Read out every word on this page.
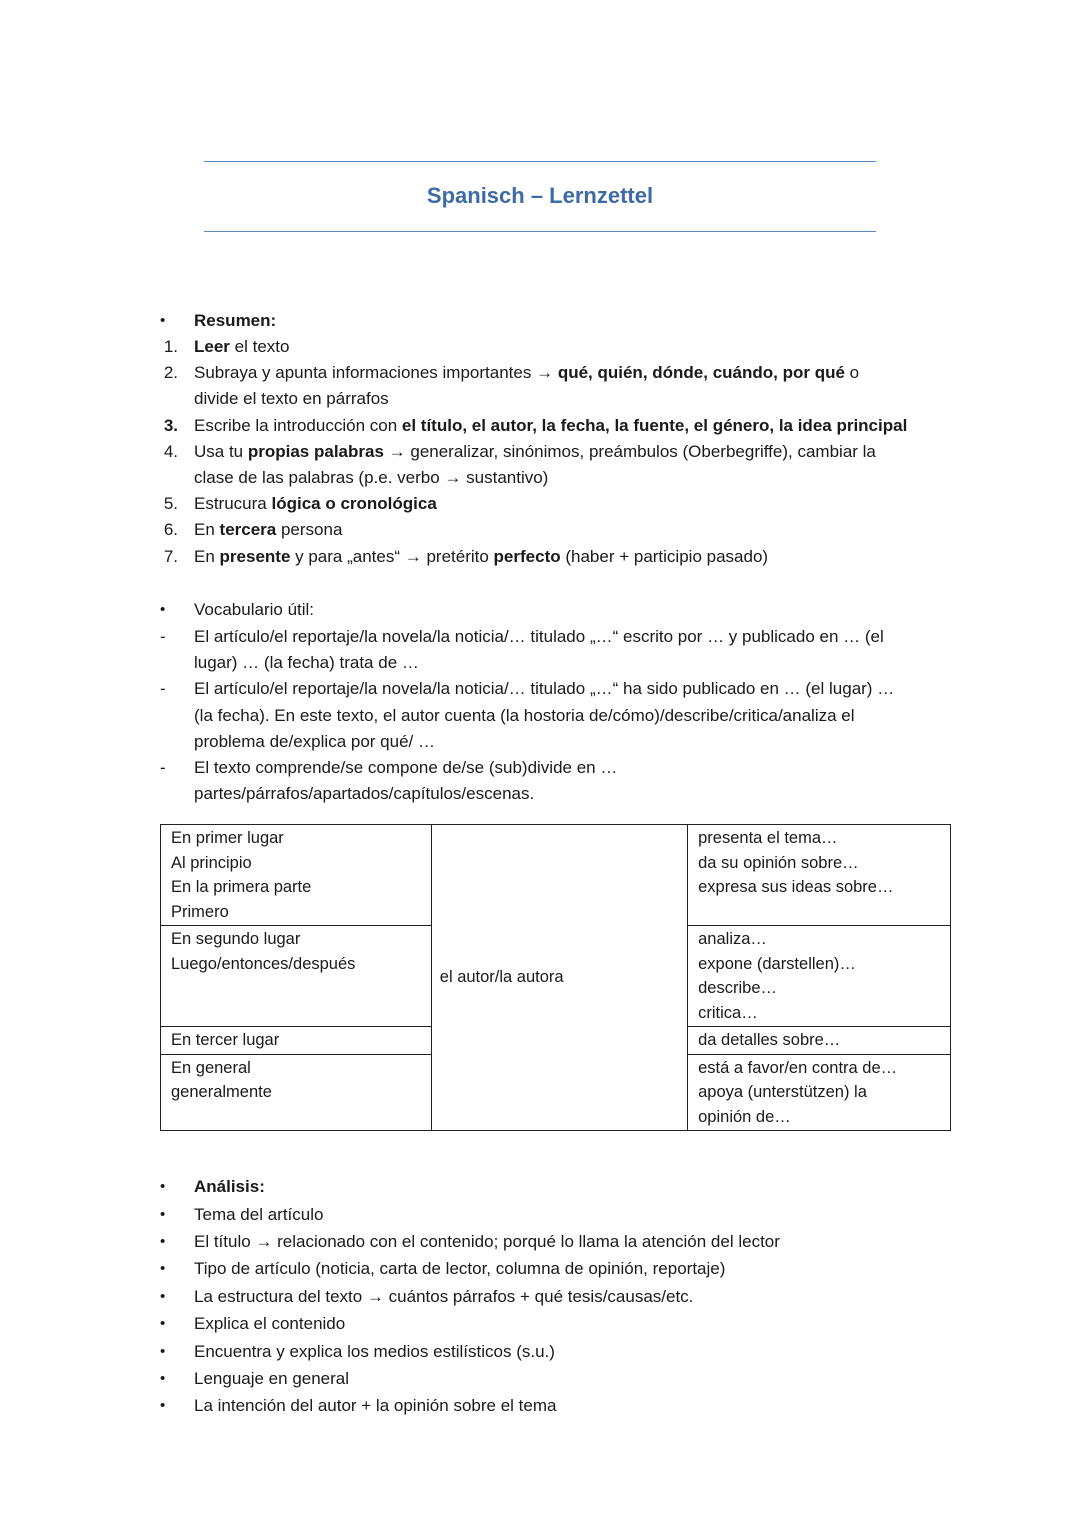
Spanisch – Lernzettel
• Resumen:
1. Leer el texto
2. Subraya y apunta informaciones importantes → qué, quién, dónde, cuándo, por qué o
divide el texto en párrafos
3. Escribe la introducción con el título, el autor, la fecha, la fuente, el género, la idea principal
4. Usa tu propias palabras → generalizar, sinónimos, preámbulos (Oberbegriffe), cambiar la
clase de las palabras (p.e. verbo → sustantivo)
5. Estrucura lógica o cronológica
6. En tercera persona
7. En presente y para „antes“ → pretérito perfecto (haber + participio pasado)
• Vocabulario útil:
- El artículo/el reportaje/la novela/la noticia/… titulado „…“ escrito por … y publicado en … (el
lugar) … (la fecha) trata de …
- El artículo/el reportaje/la novela/la noticia/… titulado „…“ ha sido publicado en … (el lugar) …
(la fecha). En este texto, el autor cuenta (la hostoria de/cómo)/describe/critica/analiza el
problema de/explica por qué/ …
- El texto comprende/se compone de/se (sub)divide en …
partes/párrafos/apartados/capítulos/escenas.
En primer lugar
Al principio
En la primera parte
Primero	el autor/la autora	presenta el tema…
da su opinión sobre…
expresa sus ideas sobre…

En segundo lugar
Luego/entonces/después		analiza…
expone (darstellen)…
describe…
critica…

En tercer lugar		da detalles sobre…

En general
generalmente		está a favor/en contra de…
apoya (unterstützen) la
opinión de…
• Análisis:
• Tema del artículo
• El título → relacionado con el contenido; porqué lo llama la atención del lector
• Tipo de artículo (noticia, carta de lector, columna de opinión, reportaje)
• La estructura del texto → cuántos párrafos + qué tesis/causas/etc.
• Explica el contenido
• Encuentra y explica los medios estilísticos (s.u.)
• Lenguaje en general
• La intención del autor + la opinión sobre el tema
